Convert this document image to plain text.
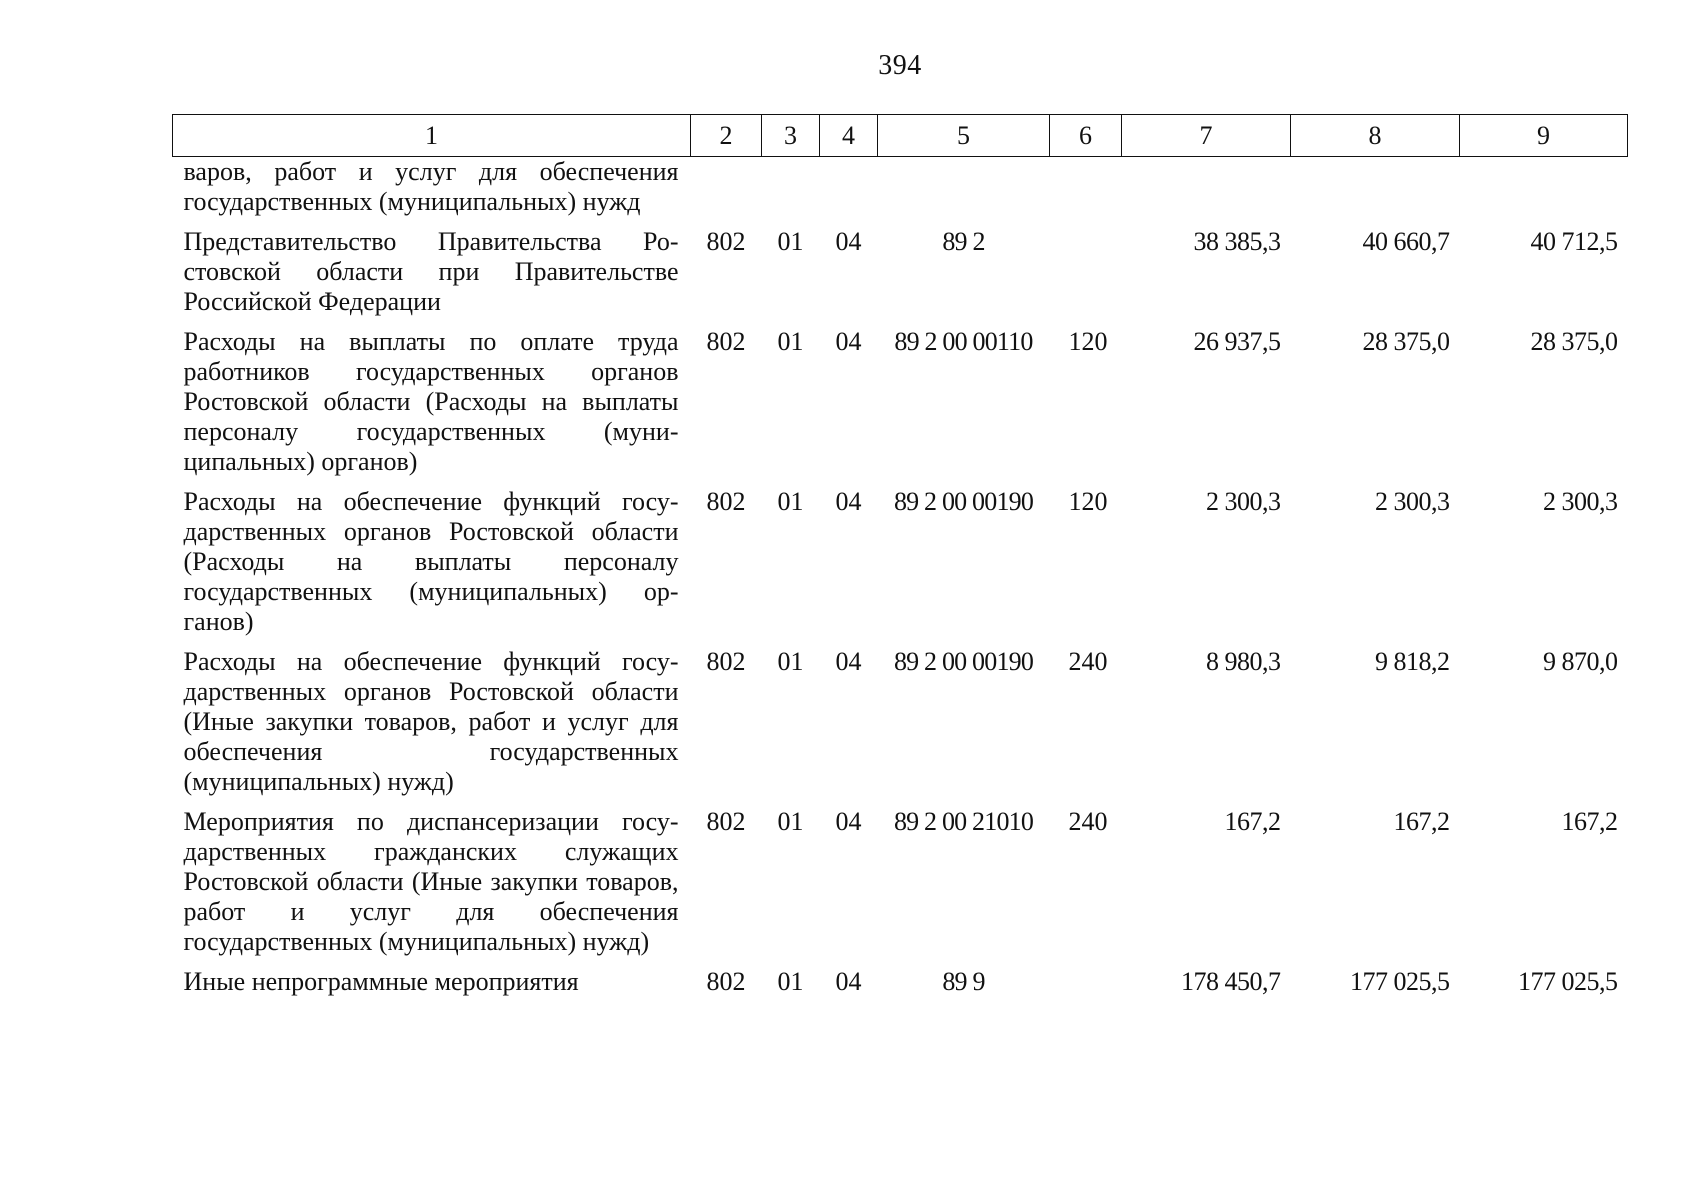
394
1	2	3	4	5	6	7	8	9
варов, работ и услуг для обеспечения государственных (муниципальных) нужд								
Представительство Правительства Ростовской области при Правительстве Российской Федерации	802	01	04	89 2		38 385,3	40 660,7	40 712,5
Расходы на выплаты по оплате труда работников государственных органов Ростовской области (Расходы на выплаты персоналу государственных (муниципальных) органов)	802	01	04	89 2 00 00110	120	26 937,5	28 375,0	28 375,0
Расходы на обеспечение функций государственных органов Ростовской области (Расходы на выплаты персоналу государственных (муниципальных) органов)	802	01	04	89 2 00 00190	120	2 300,3	2 300,3	2 300,3
Расходы на обеспечение функций государственных органов Ростовской области (Иные закупки товаров, работ и услуг для обеспечения государственных (муниципальных) нужд)	802	01	04	89 2 00 00190	240	8 980,3	9 818,2	9 870,0
Мероприятия по диспансеризации государственных гражданских служащих Ростовской области (Иные закупки товаров, работ и услуг для обеспечения государственных (муниципальных) нужд)	802	01	04	89 2 00 21010	240	167,2	167,2	167,2
Иные непрограммные мероприятия	802	01	04	89 9		178 450,7	177 025,5	177 025,5
